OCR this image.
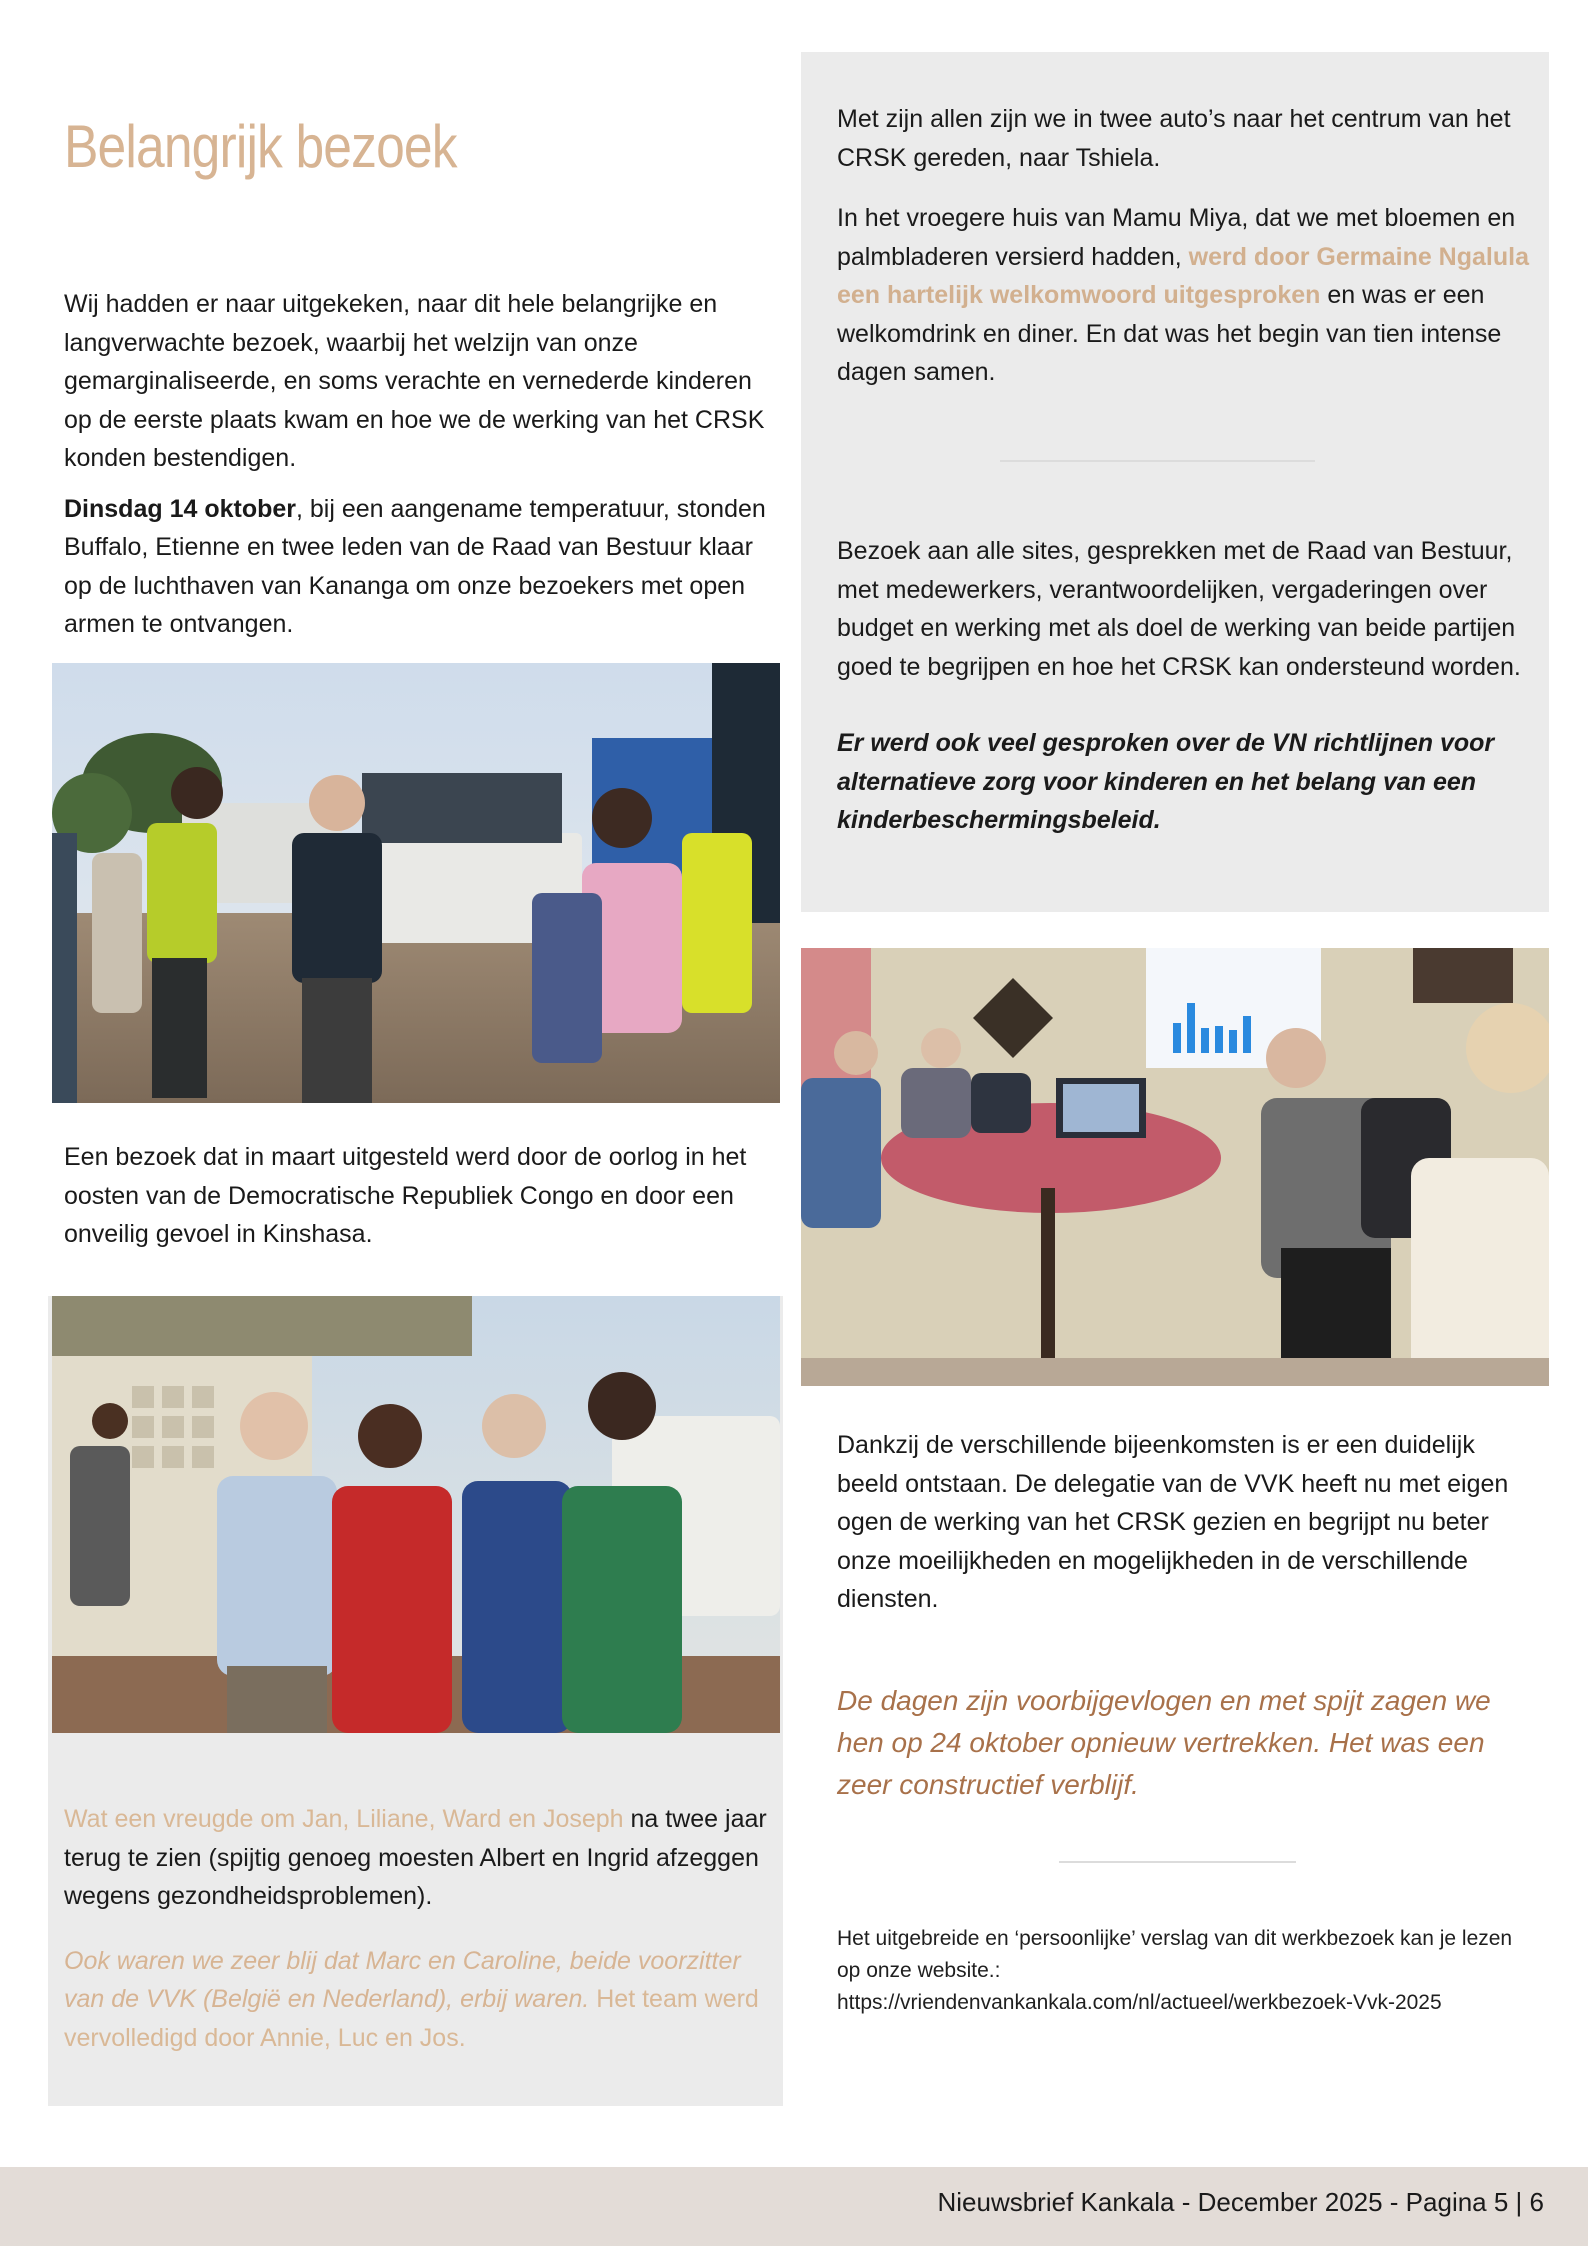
Belangrijk bezoek

Wij hadden er naar uitgekeken, naar dit hele belangrijke en langverwachte bezoek, waarbij het welzijn van onze gemarginaliseerde, en soms verachte en vernederde kinderen op de eerste plaats kwam en hoe we de werking van het CRSK konden bestendigen.

Dinsdag 14 oktober, bij een aangename temperatuur, stonden Buffalo, Etienne en twee leden van de Raad van Bestuur klaar op de luchthaven van Kananga om onze bezoekers met open armen te ontvangen.

Een bezoek dat in maart uitgesteld werd door de oorlog in het oosten van de Democratische Republiek Congo en door een onveilig gevoel in Kinshasa.

Wat een vreugde om Jan, Liliane, Ward en Joseph na twee jaar terug te zien (spijtig genoeg moesten Albert en Ingrid afzeggen wegens gezondheidsproblemen).

Ook waren we zeer blij dat Marc en Caroline, beide voorzitter van de VVK (België en Nederland), erbij waren. Het team werd vervolledigd door Annie, Luc en Jos.

Met zijn allen zijn we in twee auto’s naar het centrum van het CRSK gereden, naar Tshiela.

In het vroegere huis van Mamu Miya, dat we met bloemen en palmbladeren versierd hadden, werd door Germaine Ngalula een hartelijk welkomwoord uitgesproken en was er een welkomdrink en diner. En dat was het begin van tien intense dagen samen.

Bezoek aan alle sites, gesprekken met de Raad van Bestuur, met medewerkers, verantwoordelijken, vergaderingen over budget en werking met als doel de werking van beide partijen goed te begrijpen en hoe het CRSK kan ondersteund worden.

Er werd ook veel gesproken over de VN richtlijnen voor alternatieve zorg voor kinderen en het belang van een kinderbeschermingsbeleid.

Dankzij de verschillende bijeenkomsten is er een duidelijk beeld ontstaan. De delegatie van de VVK heeft nu met eigen ogen de werking van het CRSK gezien en begrijpt nu beter onze moeilijkheden en mogelijkheden in de verschillende diensten.

De dagen zijn voorbijgevlogen en met spijt zagen we hen op 24 oktober opnieuw vertrekken. Het was een zeer constructief verblijf.
Het uitgebreide en ‘persoonlijke’ verslag van dit werkbezoek kan je lezen op onze website.:
https://vriendenvankankala.com/nl/actueel/werkbezoek-Vvk-2025
Nieuwsbrief Kankala - December 2025 - Pagina 5 | 6
